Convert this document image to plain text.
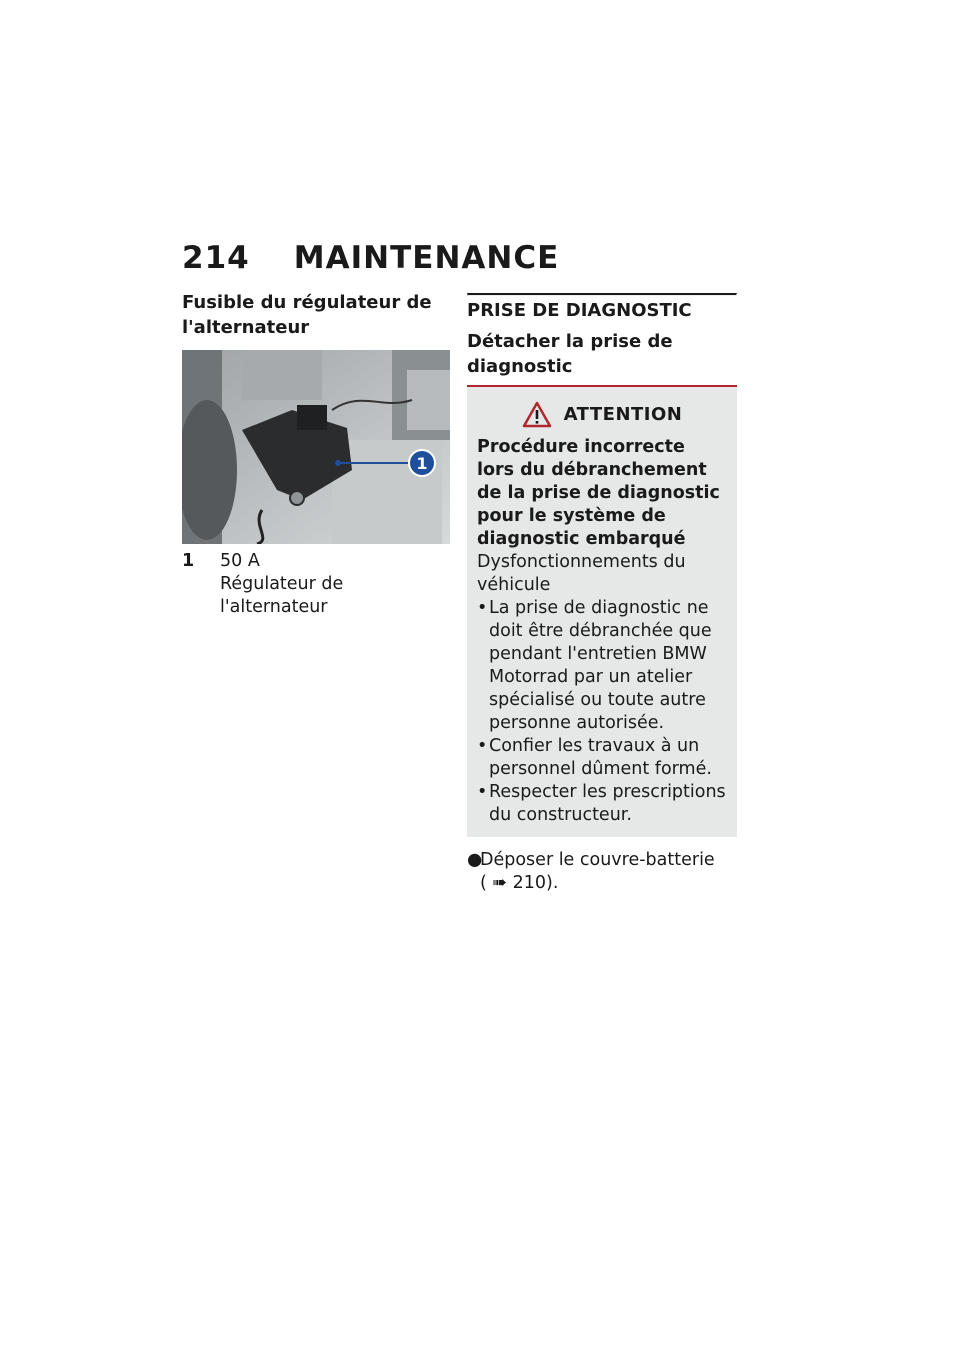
214 MAINTENANCE

Fusible du régulateur de l'alternateur

1
1	50 A
Régulateur de l'alternateur

PRISE DE DIAGNOSTIC

Détacher la prise de diagnostic

ATTENTION
Procédure incorrecte lors du débranchement de la prise de diagnostic pour le système de diagnostic embarqué
Dysfonctionnements du véhicule
• La prise de diagnostic ne doit être débranchée que pendant l'entretien BMW Motorrad par un atelier spécialisé ou toute autre personne autorisée.
• Confier les travaux à un personnel dûment formé.
• Respecter les prescriptions du constructeur.
●
Déposer le couvre-batterie
( ➠ 210).
